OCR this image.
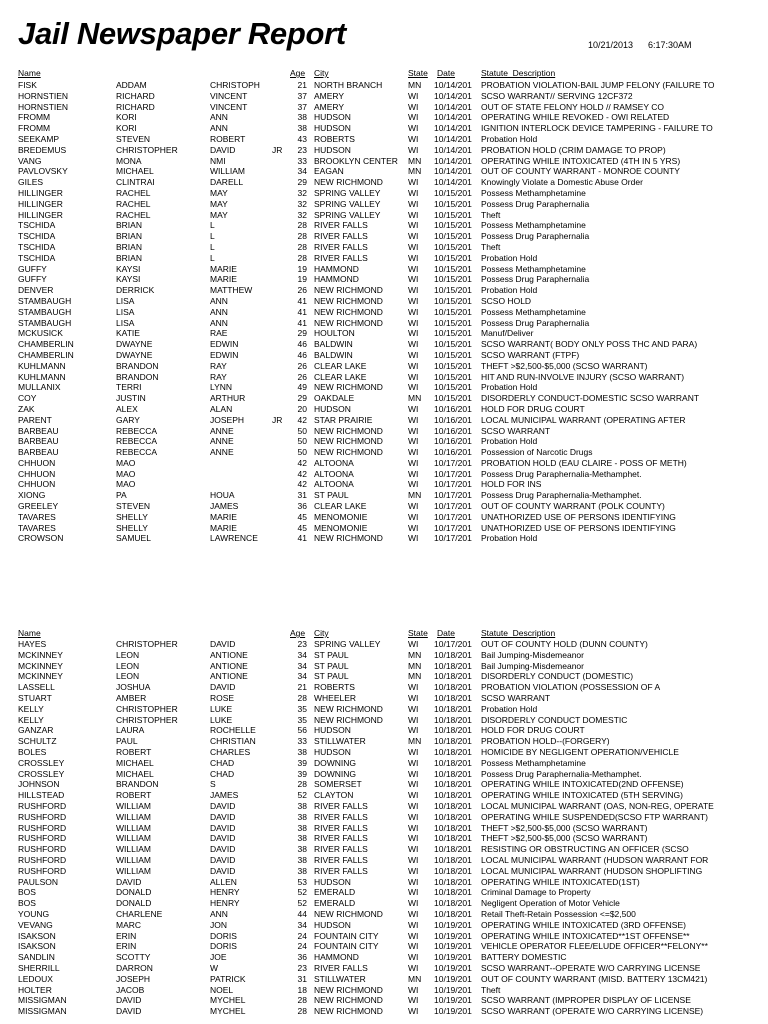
Jail Newspaper Report	10/21/2013 6:17:30AM
Name	Age City	State Date	Statute_Description
FISK	ADDAM	CHRISTOPH	21 NORTH BRANCH	MN 10/14/201 PROBATION VIOLATION-BAIL JUMP FELONY (FAILURE TO
HORNSTIEN	RICHARD	VINCENT	37 AMERY	WI 10/14/201 SCSO WARRANT// SERVING 12CF372
HORNSTIEN	RICHARD	VINCENT	37 AMERY	WI 10/14/201 OUT OF STATE FELONY HOLD // RAMSEY CO
FROMM	KORI	ANN	38 HUDSON	WI 10/14/201 OPERATING WHILE REVOKED - OWI RELATED
FROMM	KORI	ANN	38 HUDSON	WI 10/14/201 IGNITION INTERLOCK DEVICE TAMPERING - FAILURE TO
SEEKAMP	STEVEN	ROBERT	43 ROBERTS	WI 10/14/201 Probation Hold
BREDEMUS	CHRISTOPHER	DAVID	JR	23 HUDSON	WI 10/14/201 PROBATION HOLD (CRIM DAMAGE TO PROP)
VANG	MONA	NMI	33 BROOKLYN CENTER MN 10/14/201 OPERATING WHILE INTOXICATED (4TH IN 5 YRS)
PAVLOVSKY	MICHAEL	WILLIAM	34 EAGAN	MN 10/14/201 OUT OF COUNTY WARRANT - MONROE COUNTY
GILES	CLINTRAI	DARELL	29 NEW RICHMOND	WI 10/14/201 Knowingly Violate a Domestic Abuse Order
HILLINGER	RACHEL	MAY	32 SPRING VALLEY	WI 10/15/201 Possess Methamphetamine
HILLINGER	RACHEL	MAY	32 SPRING VALLEY	WI 10/15/201 Possess Drug Paraphernalia
HILLINGER	RACHEL	MAY	32 SPRING VALLEY	WI 10/15/201 Theft
TSCHIDA	BRIAN	L	28 RIVER FALLS	WI 10/15/201 Possess Methamphetamine
TSCHIDA	BRIAN	L	28 RIVER FALLS	WI 10/15/201 Possess Drug Paraphernalia
TSCHIDA	BRIAN	L	28 RIVER FALLS	WI 10/15/201 Theft
TSCHIDA	BRIAN	L	28 RIVER FALLS	WI 10/15/201 Probation Hold
GUFFY	KAYSI	MARIE	19 HAMMOND	WI 10/15/201 Possess Methamphetamine
GUFFY	KAYSI	MARIE	19 HAMMOND	WI 10/15/201 Possess Drug Paraphernalia
DENVER	DERRICK	MATTHEW	26 NEW RICHMOND	WI 10/15/201 Probation Hold
STAMBAUGH	LISA	ANN	41 NEW RICHMOND	WI 10/15/201 SCSO HOLD
STAMBAUGH	LISA	ANN	41 NEW RICHMOND	WI 10/15/201 Possess Methamphetamine
STAMBAUGH	LISA	ANN	41 NEW RICHMOND	WI 10/15/201 Possess Drug Paraphernalia
MCKUSICK	KATIE	RAE	29 HOULTON	WI 10/15/201 Manuf/Deliver
CHAMBERLIN	DWAYNE	EDWIN	46 BALDWIN	WI 10/15/201 SCSO WARRANT( BODY ONLY POSS THC AND PARA)
CHAMBERLIN	DWAYNE	EDWIN	46 BALDWIN	WI 10/15/201 SCSO WARRANT (FTPF)
KUHLMANN	BRANDON	RAY	26 CLEAR LAKE	WI 10/15/201 THEFT >$2,500-$5,000 (SCSO WARRANT)
KUHLMANN	BRANDON	RAY	26 CLEAR LAKE	WI 10/15/201 HIT AND RUN-INVOLVE INJURY (SCSO WARRANT)
MULLANIX	TERRI	LYNN	49 NEW RICHMOND	WI 10/15/201 Probation Hold
COY	JUSTIN	ARTHUR	29 OAKDALE	MN 10/15/201 DISORDERLY CONDUCT-DOMESTIC SCSO WARRANT
ZAK	ALEX	ALAN	20 HUDSON	WI 10/16/201 HOLD FOR DRUG COURT
PARENT	GARY	JOSEPH	JR	42 STAR PRAIRIE	WI 10/16/201 LOCAL MUNICIPAL WARRANT (OPERATING AFTER
BARBEAU	REBECCA	ANNE	50 NEW RICHMOND	WI 10/16/201 SCSO WARRANT
BARBEAU	REBECCA	ANNE	50 NEW RICHMOND	WI 10/16/201 Probation Hold
BARBEAU	REBECCA	ANNE	50 NEW RICHMOND	WI 10/16/201 Possession of Narcotic Drugs
CHHUON	MAO	42 ALTOONA	WI 10/17/201 PROBATION HOLD (EAU CLAIRE - POSS OF METH)
CHHUON	MAO	42 ALTOONA	WI 10/17/201 Possess Drug Paraphernalia-Methamphet.
CHHUON	MAO	42 ALTOONA	WI 10/17/201 HOLD FOR INS
XIONG	PA	HOUA	31 ST PAUL	MN 10/17/201 Possess Drug Paraphernalia-Methamphet.
GREELEY	STEVEN	JAMES	36 CLEAR LAKE	WI 10/17/201 OUT OF COUNTY WARRANT (POLK COUNTY)
TAVARES	SHELLY	MARIE	45 MENOMONIE	WI 10/17/201 UNATHORIZED USE OF PERSONS IDENTIFYING
TAVARES	SHELLY	MARIE	45 MENOMONIE	WI 10/17/201 UNATHORIZED USE OF PERSONS IDENTIFYING
CROWSON	SAMUEL	LAWRENCE	41 NEW RICHMOND	WI 10/17/201 Probation Hold
Name	Age City	State Date	Statute_Description
HAYES	CHRISTOPHER	DAVID	23 SPRING VALLEY	WI 10/17/201 OUT OF COUNTY HOLD (DUNN COUNTY)
MCKINNEY	LEON	ANTIONE	34 ST PAUL	MN 10/18/201 Bail Jumping-Misdemeanor
MCKINNEY	LEON	ANTIONE	34 ST PAUL	MN 10/18/201 Bail Jumping-Misdemeanor
MCKINNEY	LEON	ANTIONE	34 ST PAUL	MN 10/18/201 DISORDERLY CONDUCT (DOMESTIC)
LASSELL	JOSHUA	DAVID	21 ROBERTS	WI 10/18/201 PROBATION VIOLATION (POSSESSION OF A
STUART	AMBER	ROSE	28 WHEELER	WI 10/18/201 SCSO WARRANT
KELLY	CHRISTOPHER	LUKE	35 NEW RICHMOND	WI 10/18/201 Probation Hold
KELLY	CHRISTOPHER	LUKE	35 NEW RICHMOND	WI 10/18/201 DISORDERLY CONDUCT DOMESTIC
GANZAR	LAURA	ROCHELLE	56 HUDSON	WI 10/18/201 HOLD FOR DRUG COURT
SCHULTZ	PAUL	CHRISTIAN	33 STILLWATER	MN 10/18/201 PROBATION HOLD--(FORGERY)
BOLES	ROBERT	CHARLES	38 HUDSON	WI 10/18/201 HOMICIDE BY NEGLIGENT OPERATION/VEHICLE
CROSSLEY	MICHAEL	CHAD	39 DOWNING	WI 10/18/201 Possess Methamphetamine
CROSSLEY	MICHAEL	CHAD	39 DOWNING	WI 10/18/201 Possess Drug Paraphernalia-Methamphet.
JOHNSON	BRANDON	S	28 SOMERSET	WI 10/18/201 OPERATING WHILE INTOXICATED(2ND OFFENSE)
HILLSTEAD	ROBERT	JAMES	52 CLAYTON	WI 10/18/201 OPERATING WHILE INTOXICATED (5TH SERVING)
RUSHFORD	WILLIAM	DAVID	38 RIVER FALLS	WI 10/18/201 LOCAL MUNICIPAL WARRANT (OAS, NON-REG, OPERATE
RUSHFORD	WILLIAM	DAVID	38 RIVER FALLS	WI 10/18/201 OPERATING WHILE SUSPENDED(SCSO FTP WARRANT)
RUSHFORD	WILLIAM	DAVID	38 RIVER FALLS	WI 10/18/201 THEFT >$2,500-$5,000 (SCSO WARRANT)
RUSHFORD	WILLIAM	DAVID	38 RIVER FALLS	WI 10/18/201 THEFT >$2,500-$5,000 (SCSO WARRANT)
RUSHFORD	WILLIAM	DAVID	38 RIVER FALLS	WI 10/18/201 RESISTING OR OBSTRUCTING AN OFFICER (SCSO
RUSHFORD	WILLIAM	DAVID	38 RIVER FALLS	WI 10/18/201 LOCAL MUNICIPAL WARRANT (HUDSON WARRANT FOR
RUSHFORD	WILLIAM	DAVID	38 RIVER FALLS	WI 10/18/201 LOCAL MUNICIPAL WARRANT (HUDSON SHOPLIFTING
PAULSON	DAVID	ALLEN	53 HUDSON	WI 10/18/201 OPERATING WHILE INTOXICATED(1ST)
BOS	DONALD	HENRY	52 EMERALD	WI 10/18/201 Criminal Damage to Property
BOS	DONALD	HENRY	52 EMERALD	WI 10/18/201 Negligent Operation of Motor Vehicle
YOUNG	CHARLENE	ANN	44 NEW RICHMOND	WI 10/18/201 Retail Theft-Retain Possession <=$2,500
VEVANG	MARC	JON	34 HUDSON	WI 10/19/201 OPERATING WHILE INTOXICATED (3RD OFFENSE)
ISAKSON	ERIN	DORIS	24 FOUNTAIN CITY	WI 10/19/201 OPERATING WHILE INTOXICATED**1ST OFFENSE**
ISAKSON	ERIN	DORIS	24 FOUNTAIN CITY	WI 10/19/201 VEHICLE OPERATOR FLEE/ELUDE OFFICER**FELONY**
SANDLIN	SCOTTY	JOE	36 HAMMOND	WI 10/19/201 BATTERY DOMESTIC
SHERRILL	DARRON	W	23 RIVER FALLS	WI 10/19/201 SCSO WARRANT--OPERATE W/O CARRYING LICENSE
LEDOUX	JOSEPH	PATRICK	31 STILLWATER	MN 10/19/201 OUT OF COUNTY WARRANT (MISD. BATTERY 13CM421)
HOLTER	JACOB	NOEL	18 NEW RICHMOND	WI 10/19/201 Theft
MISSIGMAN	DAVID	MYCHEL	28 NEW RICHMOND	WI 10/19/201 SCSO WARRANT (IMPROPER DISPLAY OF LICENSE
MISSIGMAN	DAVID	MYCHEL	28 NEW RICHMOND	WI 10/19/201 SCSO WARRANT (OPERATE W/O CARRYING LICENSE)
